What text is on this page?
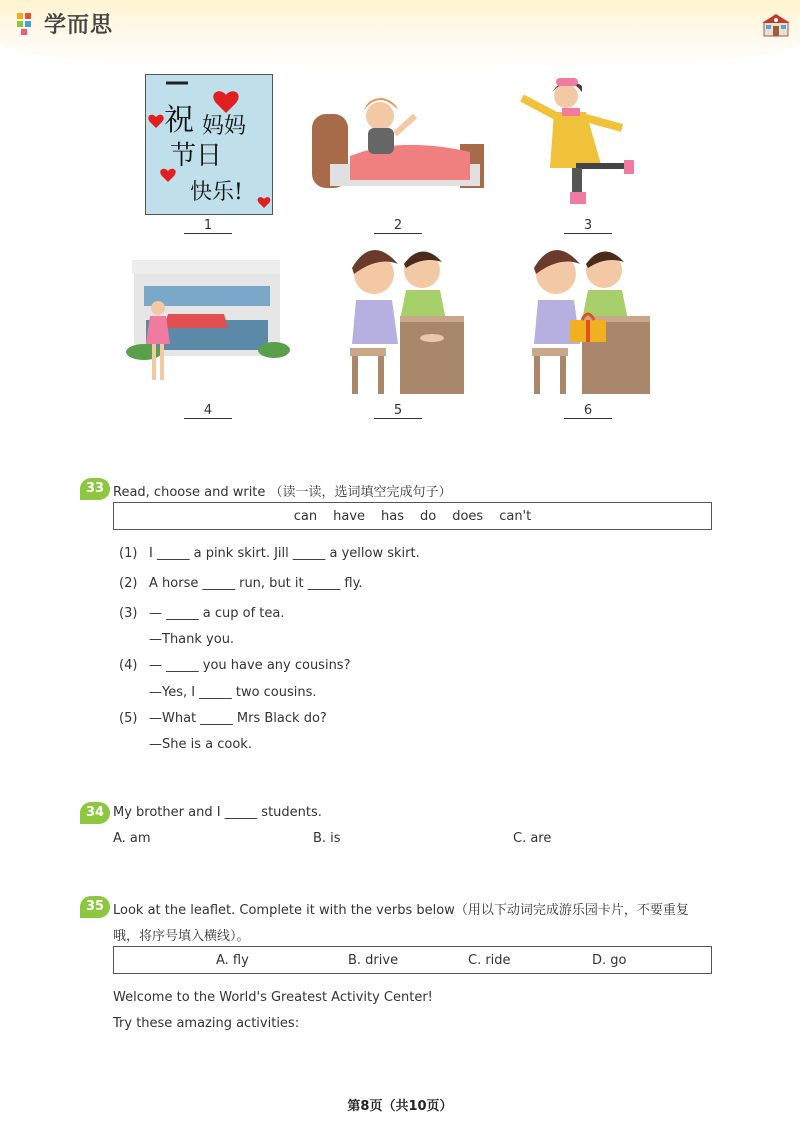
学而思
祝 妈妈
节日
快乐!
1	2	3
4	5	6
33 Read, choose and write （读一读，选词填空完成句子）
can have has do does can't
(1) I _____ a pink skirt. Jill _____ a yellow skirt.
(2) A horse _____ run, but it _____ fly.
(3) — _____ a cup of tea.
—Thank you.
(4) — _____ you have any cousins?
—Yes, I _____ two cousins.
(5) —What _____ Mrs Black do?
—She is a cook.
34 My brother and I _____ students.
A. am	B. is	C. are
35 Look at the leaflet. Complete it with the verbs below（用以下动词完成游乐园卡片，不要重复
哦，将序号填入横线）。
A. fly	B. drive	C. ride	D. go
Welcome to the World's Greatest Activity Center!
Try these amazing activities:
第8页（共10页）
